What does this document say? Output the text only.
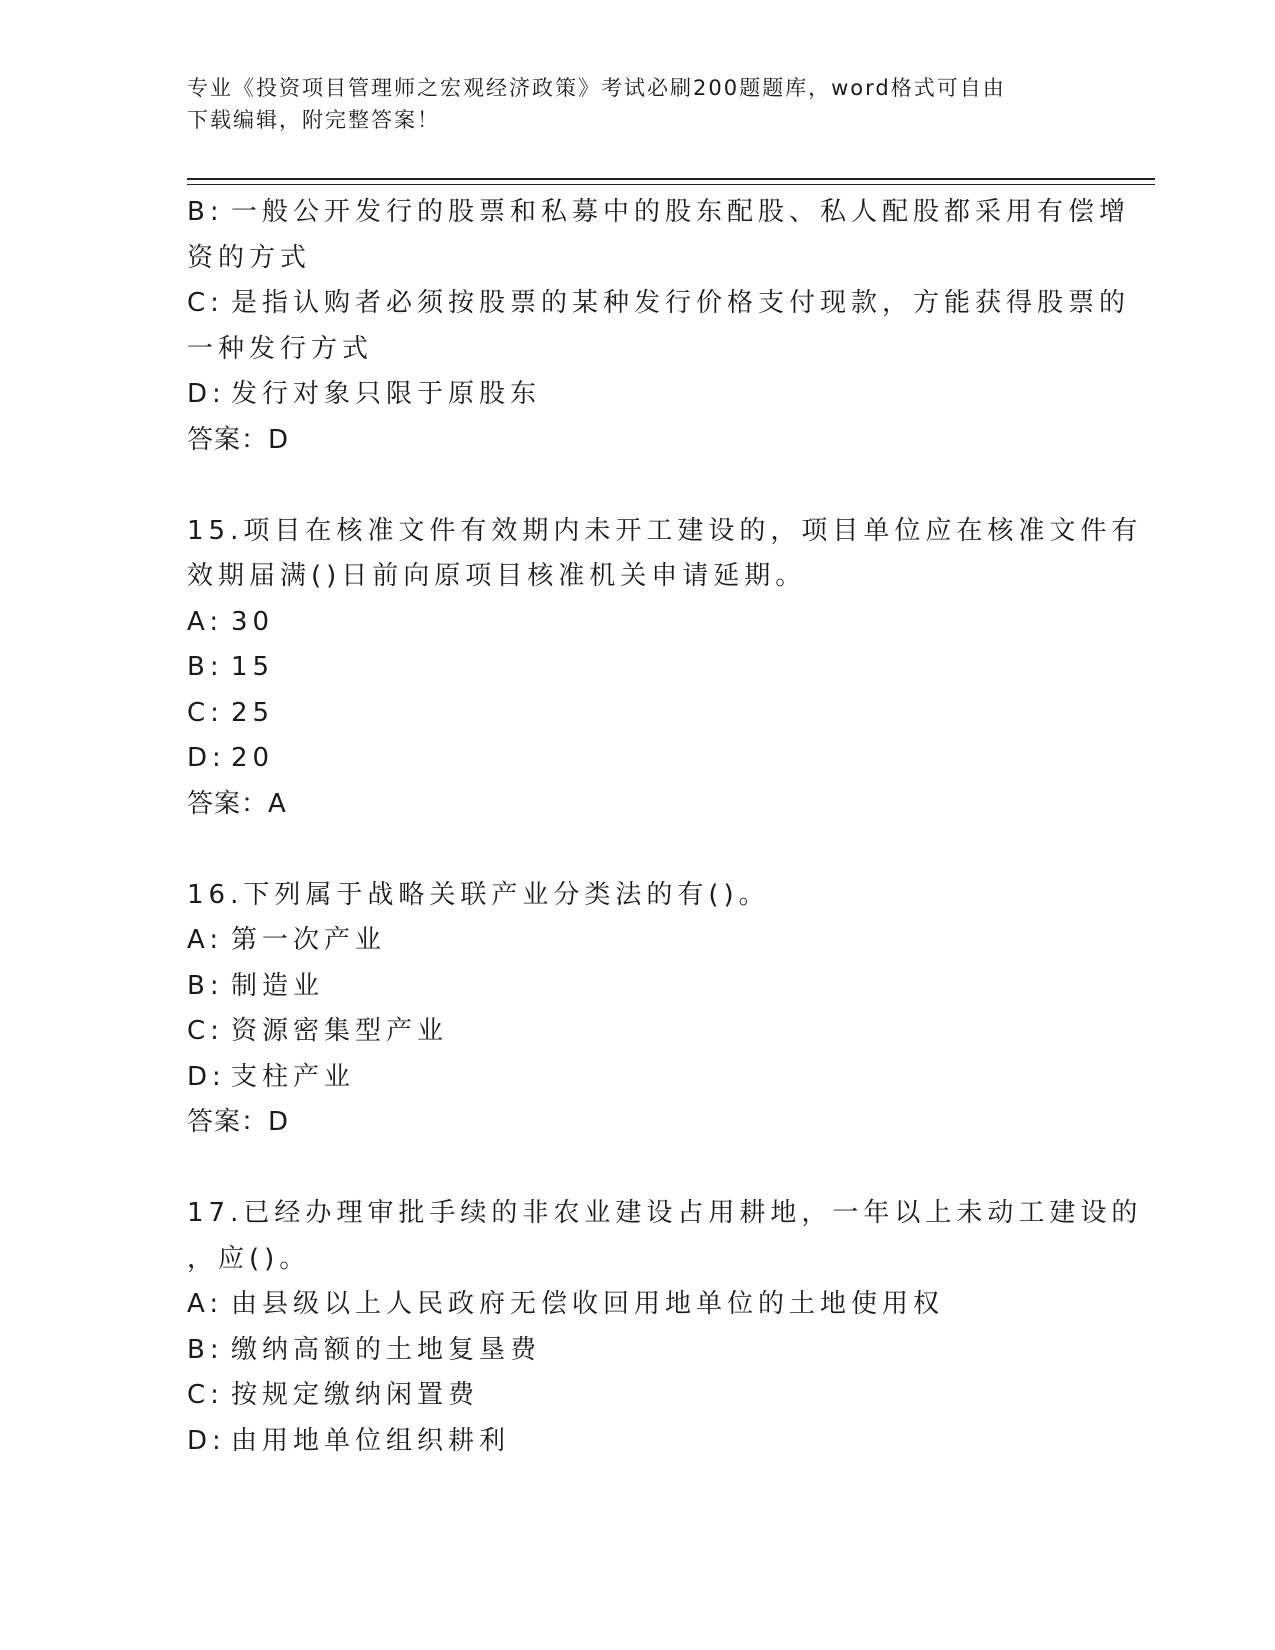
专业《投资项目管理师之宏观经济政策》考试必刷200题题库，word格式可自由
下载编辑，附完整答案！
B: 一般公开发行的股票和私募中的股东配股、私人配股都采用有偿增
资的方式
C: 是指认购者必须按股票的某种发行价格支付现款，方能获得股票的
一种发行方式
D: 发行对象只限于原股东
答案：D
15.项目在核准文件有效期内未开工建设的，项目单位应在核准文件有
效期届满()日前向原项目核准机关申请延期。
A: 30
B: 15
C: 25
D: 20
答案：A
16.下列属于战略关联产业分类法的有()。
A: 第一次产业
B: 制造业
C: 资源密集型产业
D: 支柱产业
答案：D
17.已经办理审批手续的非农业建设占用耕地，一年以上未动工建设的
，应()。
A: 由县级以上人民政府无偿收回用地单位的土地使用权
B: 缴纳高额的土地复垦费
C: 按规定缴纳闲置费
D: 由用地单位组织耕利
